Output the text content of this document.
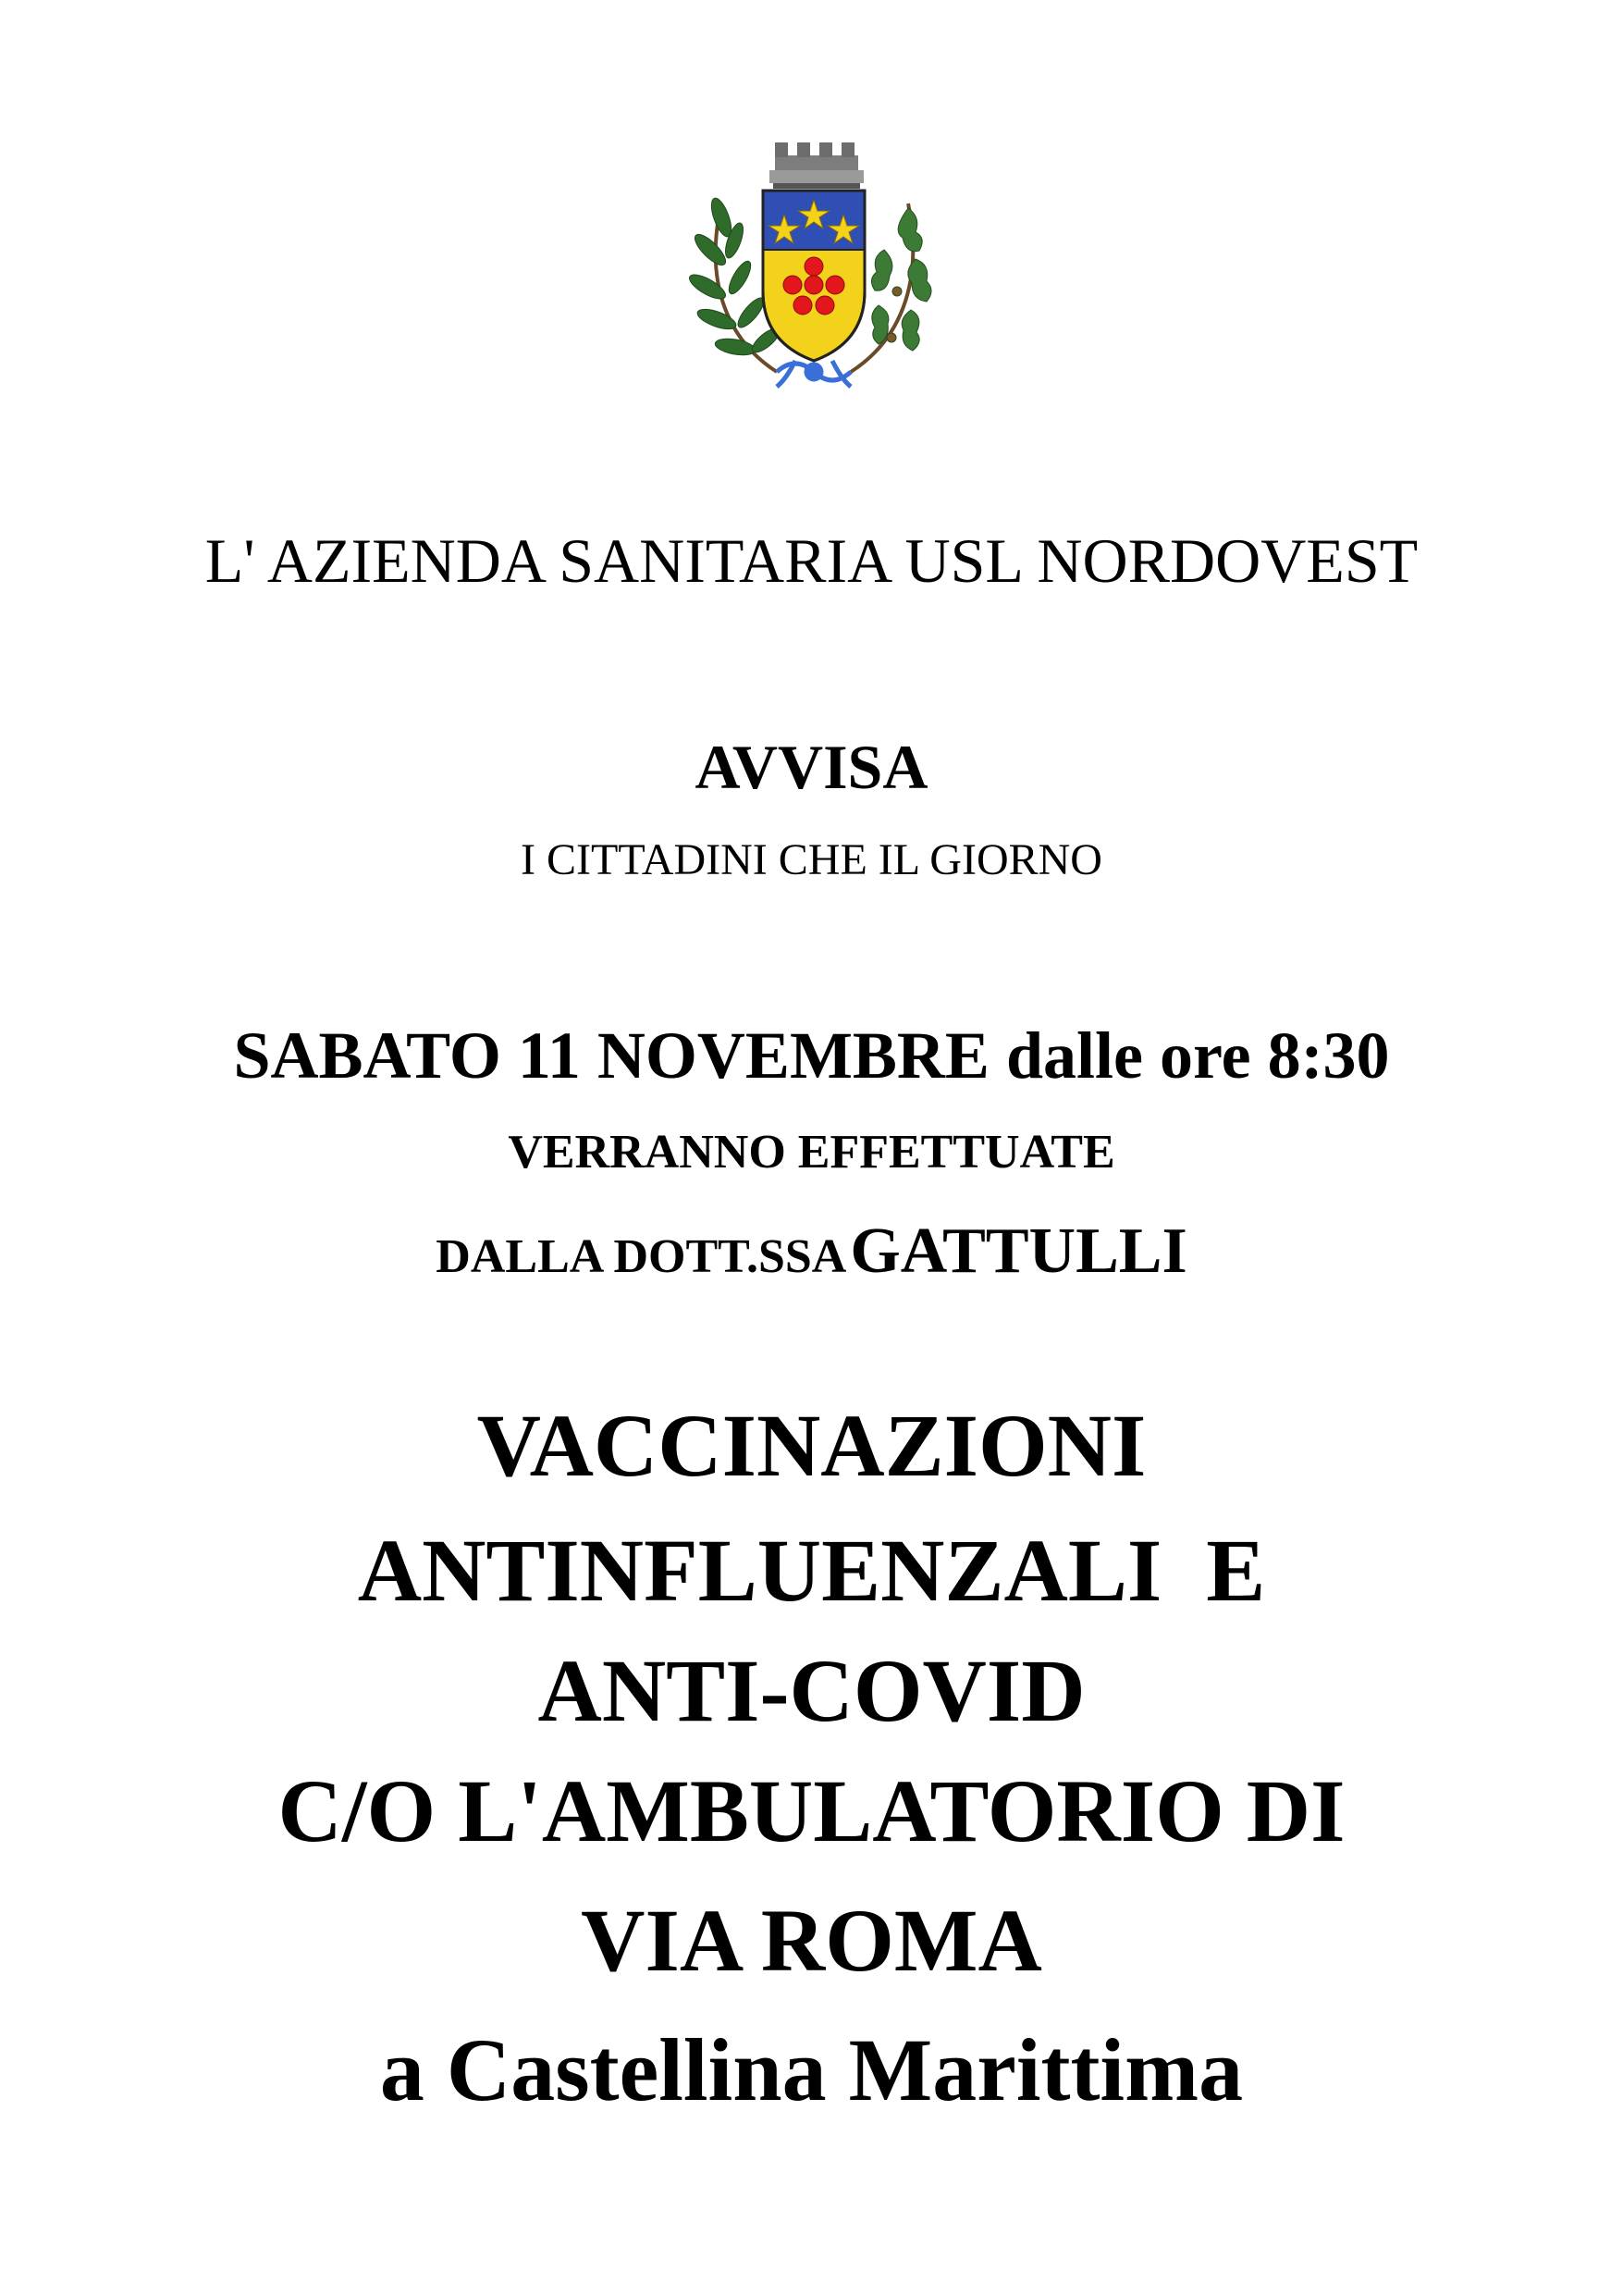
L' AZIENDA SANITARIA USL NORDOVEST
AVVISA
I CITTADINI CHE IL GIORNO
SABATO 11 NOVEMBRE dalle ore 8:30
VERRANNO EFFETTUATE
DALLA DOTT.SSA GATTULLI
VACCINAZIONI
ANTINFLUENZALI  E
ANTI-COVID
C/O L'AMBULATORIO DI
VIA ROMA
a Castellina Marittima
